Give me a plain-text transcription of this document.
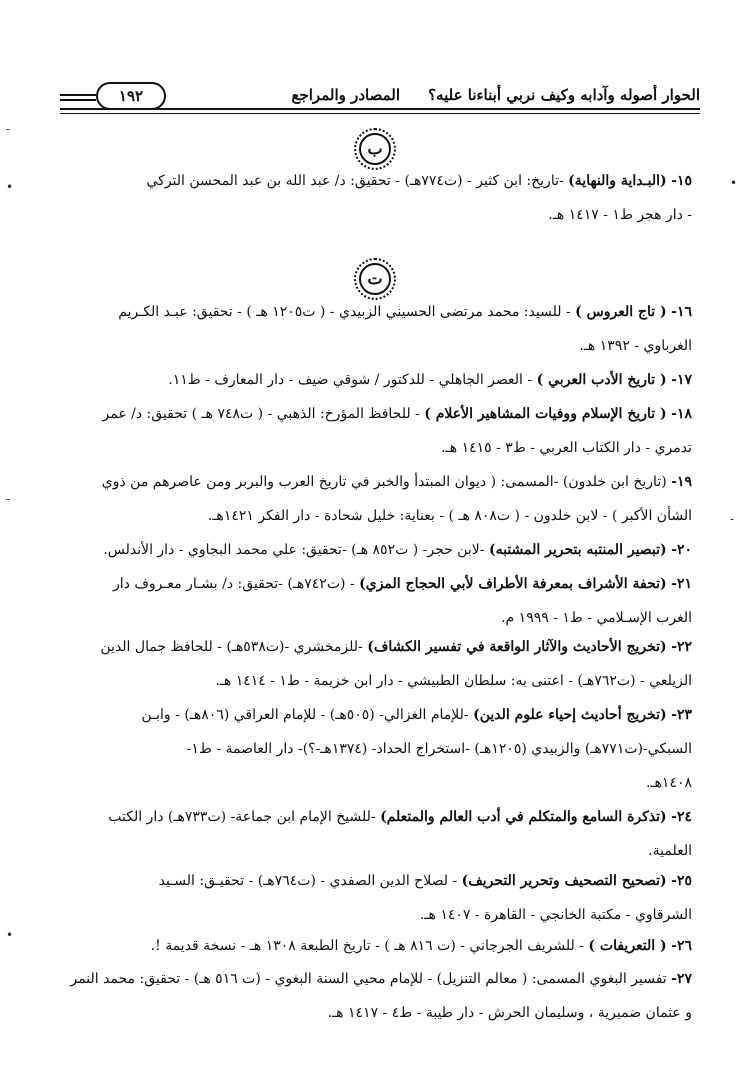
الحوار أصوله وآدابه وكيف نربي أبناءنا عليه؟
المصادر والمراجع
١٩٢
ب
١٥- (البـداية والنهاية) -تاريخ: ابن كثير - (ت٧٧٤هـ) - تحقيق: د/ عبد الله بن عبد المحسن التركي
- دار هجر ط١ - ١٤١٧ هـ.
ت
١٦- ( تاج العروس ) - للسيد: محمد مرتضى الحسيني الزبيدي - ( ت١٢٠٥ هـ ) - تحقيق: عبـد الكـريم
الغرباوي - ١٣٩٢ هـ.
١٧- ( تاريخ الأدب العربي ) - العصر الجاهلي - للدكتور / شوقي ضيف - دار المعارف - ط١١.
١٨- ( تاريخ الإسلام ووفيات المشاهير الأعلام ) - للحافظ المؤرخ: الذهبي - ( ت٧٤٨ هـ ) تحقيق: د/ عمر
تدمري - دار الكتاب العربي - ط٣ - ١٤١٥ هـ.
١٩- (تاريخ ابن خلدون) -المسمى: ( ديوان المبتدأ والخبر في تاريخ العرب والبربر ومن عاصرهم من ذوي
الشأن الأكبر ) - لابن خلدون - ( ت٨٠٨ هـ ) - بعناية: خليل شحادة - دار الفكر ١٤٢١هـ.
٢٠- (تبصير المنتبه بتحرير المشتبه) -لابن حجر- ( ت٨٥٢ هـ) -تحقيق: علي محمد البجاوي - دار الأندلس.
٢١- (تحفة الأشراف بمعرفة الأطراف لأبي الحجاج المزي) - (ت٧٤٢هـ) -تحقيق: د/ بشـار معـروف دار
الغرب الإسـلامي - ط١ - ١٩٩٩ م.
٢٢- (تخريج الأحاديث والآثار الواقعة في تفسير الكشاف) -للزمخشري -(ت٥٣٨هـ) - للحافظ جمال الدين
الزيلعي - (ت٧٦٢هـ) - اعتنى به: سلطان الطبيشي - دار ابن خزيمة - ط١ - ١٤١٤ هـ.
٢٣- (تخريج أحاديث إحياء علوم الدين) -للإمام الغزالي- (٥٠٥هـ) - للإمام العراقي (٨٠٦هـ) - وابـن
السبكي-(ت٧٧١هـ) والزبيدي (١٢٠٥هـ) -استخراج الحداد- (١٣٧٤هـ-؟)- دار العاصمة - ط١-
١٤٠٨هـ.
٢٤- (تذكرة السامع والمتكلم في أدب العالم والمتعلم) -للشيخ الإمام ابن جماعة- (ت٧٣٣هـ) دار الكتب
العلمية.
٢٥- (تصحيح التصحيف وتحرير التحريف) - لصلاح الدين الصفدي - (ت٧٦٤هـ) - تحقيـق: السـيد
الشرقاوي - مكتبة الخانجي - القاهرة - ١٤٠٧ هـ.
٢٦- ( التعريفات ) - للشريف الجرجاني - (ت ٨١٦ هـ ) - تاريخ الطبعة ١٣٠٨ هـ - نسخة قديمة !.
٢٧- تفسير البغوي المسمى: ( معالم التنزيل) - للإمام محيي السنة البغوي - (ت ٥١٦ هـ) - تحقيق: محمد النمر
و عثمان ضميرية ، وسليمان الحرش - دار طيبة - ط٤ - ١٤١٧ هـ.
-
•
•
-
-
•
